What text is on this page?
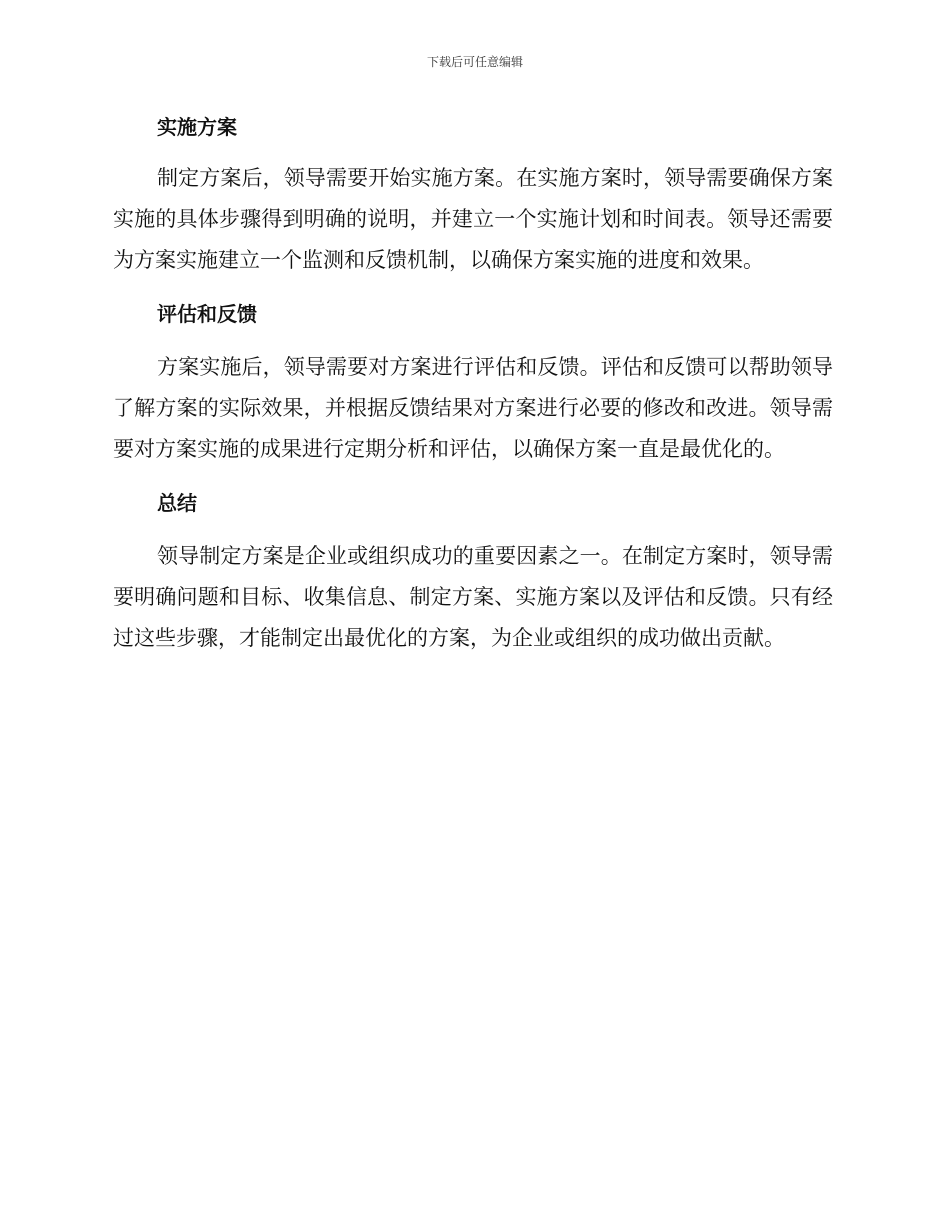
下载后可任意编辑
实施方案

制定方案后，领导需要开始实施方案。在实施方案时，领导需要确保方案实施的具体步骤得到明确的说明，并建立一个实施计划和时间表。领导还需要为方案实施建立一个监测和反馈机制，以确保方案实施的进度和效果。

评估和反馈

方案实施后，领导需要对方案进行评估和反馈。评估和反馈可以帮助领导了解方案的实际效果，并根据反馈结果对方案进行必要的修改和改进。领导需要对方案实施的成果进行定期分析和评估，以确保方案一直是最优化的。

总结

领导制定方案是企业或组织成功的重要因素之一。在制定方案时，领导需要明确问题和目标、收集信息、制定方案、实施方案以及评估和反馈。只有经过这些步骤，才能制定出最优化的方案，为企业或组织的成功做出贡献。
